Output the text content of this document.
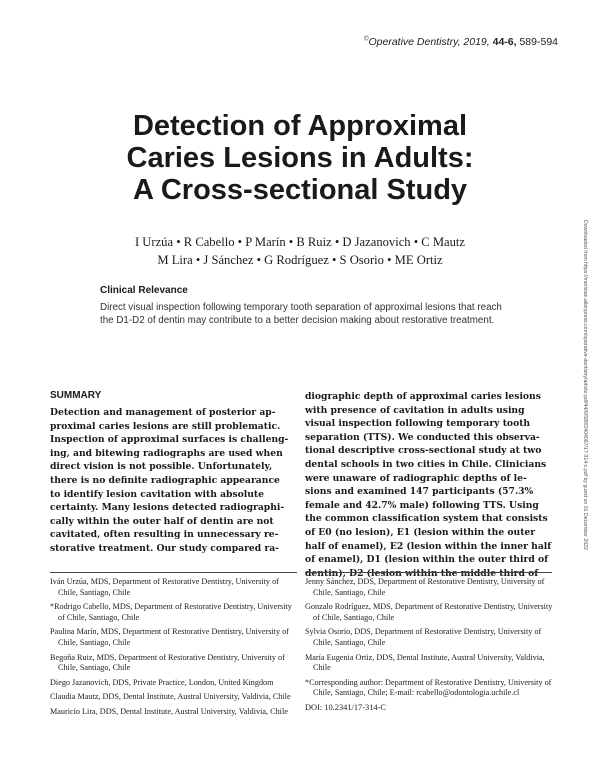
©Operative Dentistry, 2019, 44-6, 589-594
Detection of Approximal
Caries Lesions in Adults:
A Cross-sectional Study
I Urzúa • R Cabello • P Marín • B Ruiz • D Jazanovich • C Mautz
M Lira • J Sánchez • G Rodríguez • S Osorio • ME Ortiz
Clinical Relevance
Direct visual inspection following temporary tooth separation of approximal lesions that reach the D1-D2 of dentin may contribute to a better decision making about restorative treatment.
SUMMARY
Detection and management of posterior ap-
proximal caries lesions are still problematic.
Inspection of approximal surfaces is challeng-
ing, and bitewing radiographs are used when
direct vision is not possible. Unfortunately,
there is no definite radiographic appearance
to identify lesion cavitation with absolute
certainty. Many lesions detected radiographi-
cally within the outer half of dentin are not
cavitated, often resulting in unnecessary re-
storative treatment. Our study compared ra-
diographic depth of approximal caries lesions
with presence of cavitation in adults using
visual inspection following temporary tooth
separation (TTS). We conducted this observa-
tional descriptive cross-sectional study at two
dental schools in two cities in Chile. Clinicians
were unaware of radiographic depths of le-
sions and examined 147 participants (57.3%
female and 42.7% male) following TTS. Using
the common classification system that consists
of E0 (no lesion), E1 (lesion within the outer
half of enamel), E2 (lesion within the inner half
of enamel), D1 (lesion within the outer third of
dentin), D2 (lesion within the middle third of

Iván Urzúa, MDS, Department of Restorative Dentistry, University of Chile, Santiago, Chile

*Rodrigo Cabello, MDS, Department of Restorative Dentistry, University of Chile, Santiago, Chile

Paulina Marín, MDS, Department of Restorative Dentistry, University of Chile, Santiago, Chile

Begoña Ruiz, MDS, Department of Restorative Dentistry, University of Chile, Santiago, Chile

Diego Jazanovich, DDS, Private Practice, London, United Kingdom

Claudia Mautz, DDS, Dental Institute, Austral University, Valdivia, Chile

Mauricio Lira, DDS, Dental Institute, Austral University, Valdivia, Chile

Jenny Sánchez, DDS, Department of Restorative Dentistry, University of Chile, Santiago, Chile

Gonzalo Rodríguez, MDS, Department of Restorative Dentistry, University of Chile, Santiago, Chile

Sylvia Osorio, DDS, Department of Restorative Dentistry, University of Chile, Santiago, Chile

María Eugenia Ortiz, DDS, Dental Institute, Austral University, Valdivia, Chile

*Corresponding author: Department of Restorative Dentistry, University of Chile, Santiago, Chile; E-mail: rcabello@odontologia.uchile.cl

DOI: 10.2341/17-314-C
Downloaded from https://meridian.allenpress.com/operative-dentistry/article-pdf/44/6/589/2404067/17-314-c.pdf by guest on 01 December 2022
